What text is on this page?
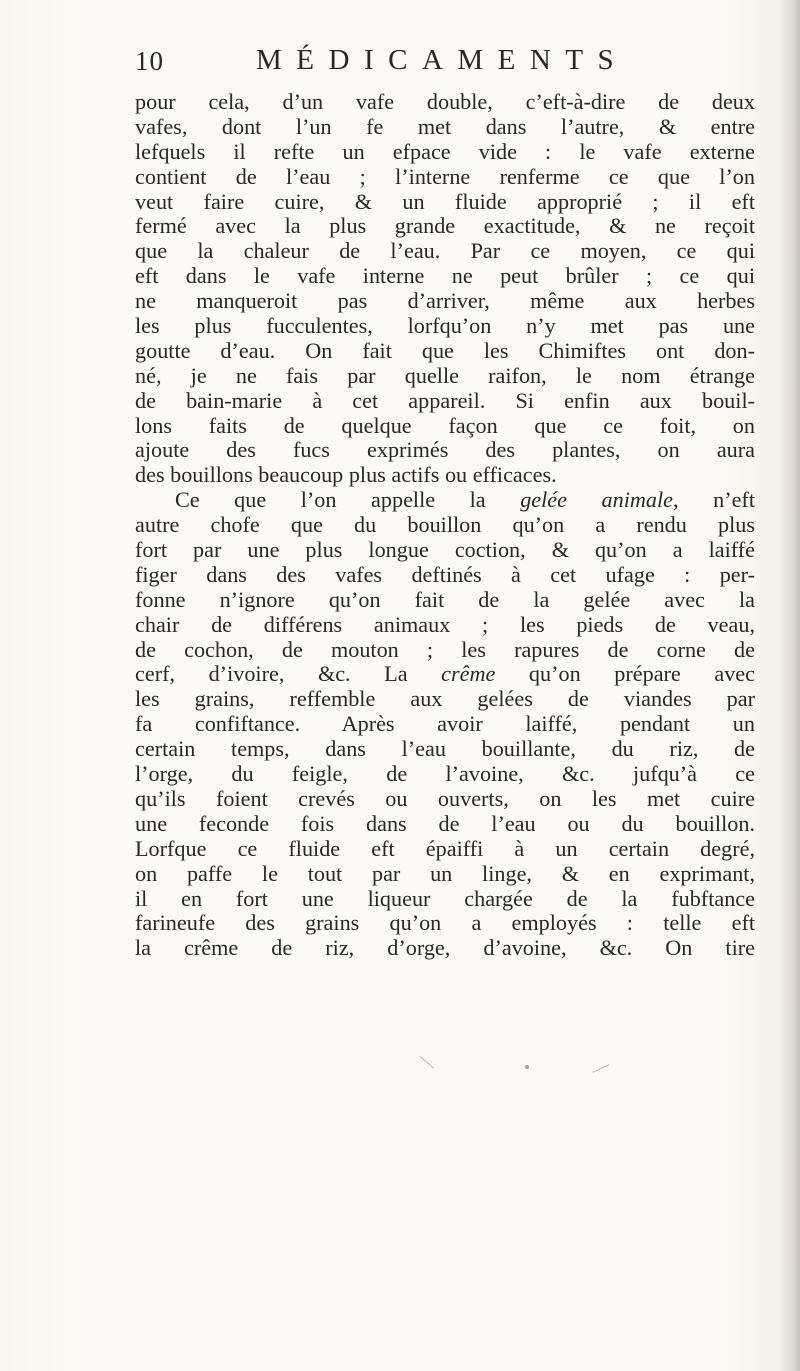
10	MÉDICAMENTS
pour cela, d’un vafe double, c’eft-à-dire de deux
vafes, dont l’un fe met dans l’autre, & entre
lefquels il refte un efpace vide : le vafe externe
contient de l’eau ; l’interne renferme ce que l’on
veut faire cuire, & un fluide approprié ; il eft
fermé avec la plus grande exactitude, & ne reçoit
que la chaleur de l’eau. Par ce moyen, ce qui
eft dans le vafe interne ne peut brûler ; ce qui
ne manqueroit pas d’arriver, même aux herbes
les plus fucculentes, lorfqu’on n’y met pas une
goutte d’eau. On fait que les Chimiftes ont don-
né, je ne fais par quelle raifon, le nom étrange
de bain-marie à cet appareil. Si enfin aux bouil-
lons faits de quelque façon que ce foit, on
ajoute des fucs exprimés des plantes, on aura
des bouillons beaucoup plus actifs ou efficaces.
Ce que l’on appelle la gelée animale, n’eft
autre chofe que du bouillon qu’on a rendu plus
fort par une plus longue coction, & qu’on a laiffé
figer dans des vafes deftinés à cet ufage : per-
fonne n’ignore qu’on fait de la gelée avec la
chair de différens animaux ; les pieds de veau,
de cochon, de mouton ; les rapures de corne de
cerf, d’ivoire, &c. La crême qu’on prépare avec
les grains, reffemble aux gelées de viandes par
fa confiftance. Après avoir laiffé, pendant un
certain temps, dans l’eau bouillante, du riz, de
l’orge, du feigle, de l’avoine, &c. jufqu’à ce
qu’ils foient crevés ou ouverts, on les met cuire
une feconde fois dans de l’eau ou du bouillon.
Lorfque ce fluide eft épaiffi à un certain degré,
on paffe le tout par un linge, & en exprimant,
il en fort une liqueur chargée de la fubftance
farineufe des grains qu’on a employés : telle eft
la crême de riz, d’orge, d’avoine, &c. On tire
